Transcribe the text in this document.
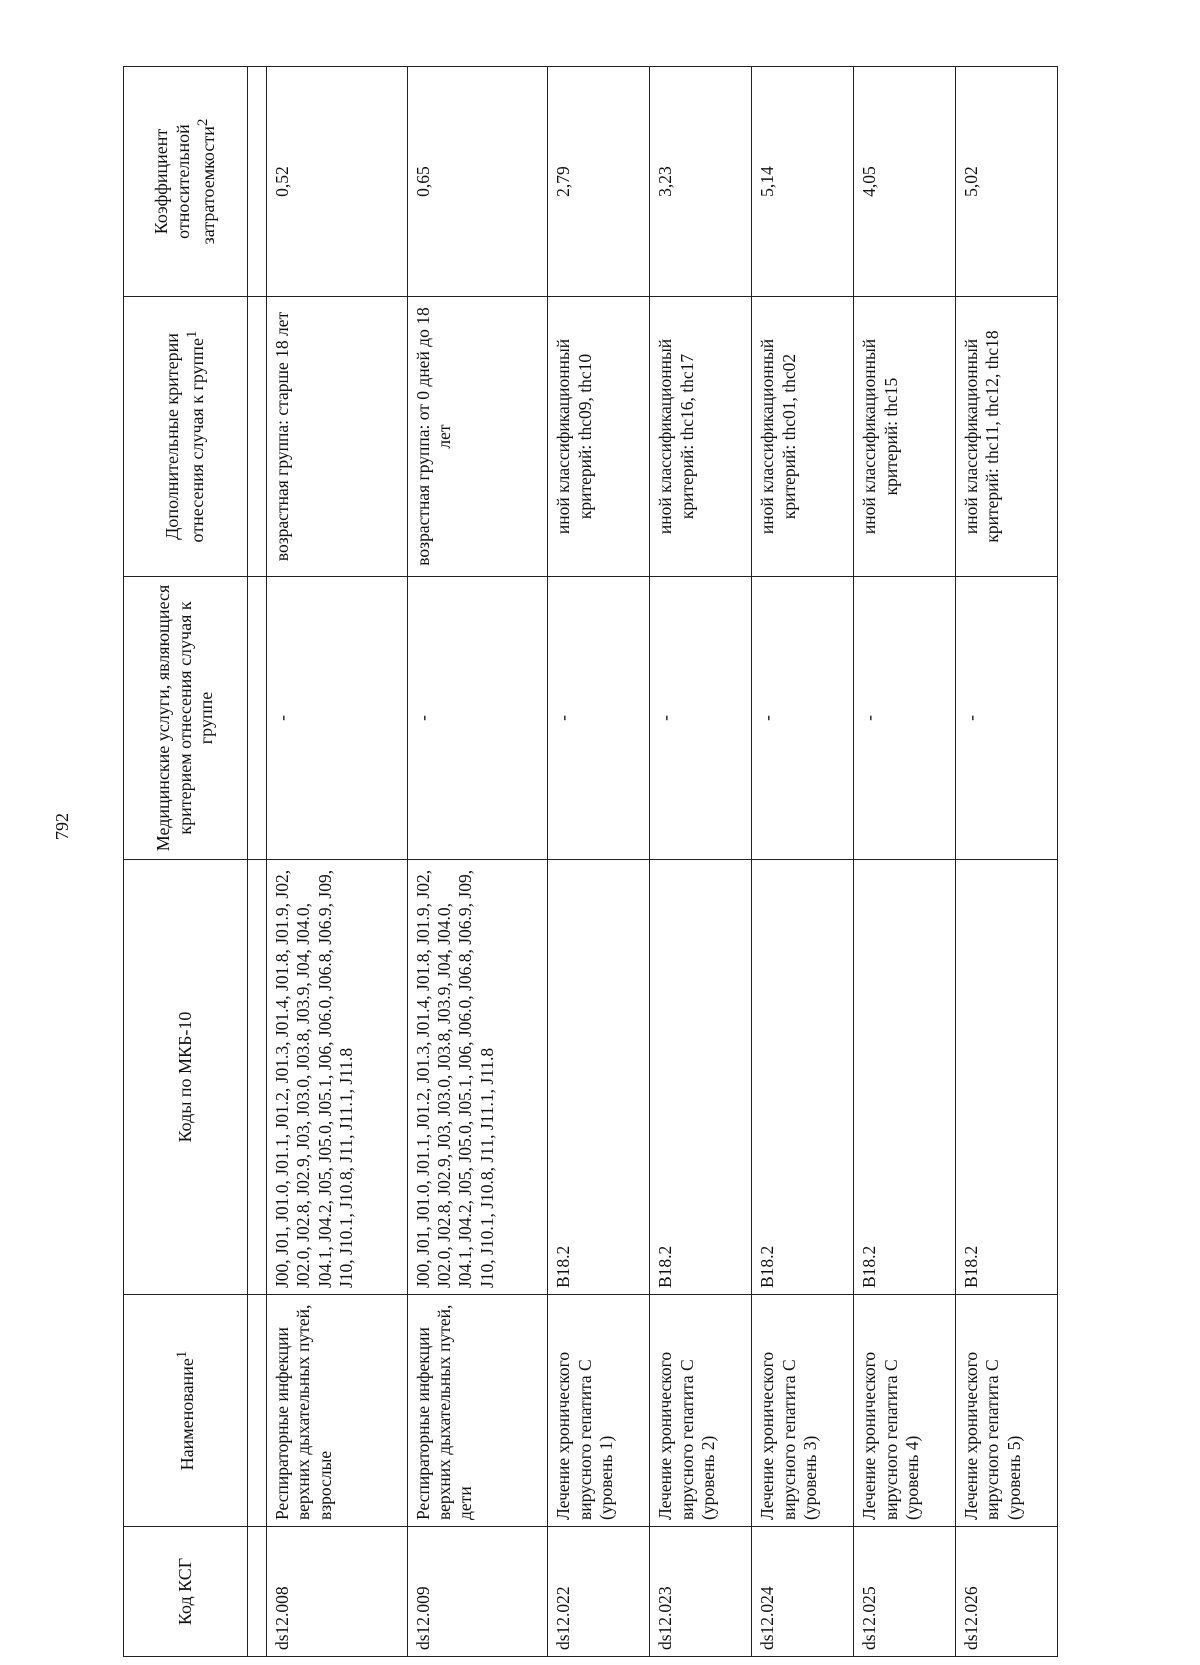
792
Код КСГ	Наименование$^1$	Коды по МКБ-10	Медицинские услуги, являющиеся критерием отнесения случая к группе	Дополнительные критерии отнесения случая к группе$^1$	Коэффициент относительной затратоемкости$^2$

ds12.008	Респираторные инфекции верхних дыхательных путей, взрослые	J00, J01, J01.0, J01.1, J01.2, J01.3, J01.4, J01.8, J01.9, J02, J02.0, J02.8, J02.9, J03, J03.0, J03.8, J03.9, J04, J04.0, J04.1, J04.2, J05, J05.0, J05.1, J06, J06.0, J06.8, J06.9, J09, J10, J10.1, J10.8, J11, J11.1, J11.8	-	возрастная группа: старше 18 лет	0,52
ds12.009	Респираторные инфекции верхних дыхательных путей, дети	J00, J01, J01.0, J01.1, J01.2, J01.3, J01.4, J01.8, J01.9, J02, J02.0, J02.8, J02.9, J03, J03.0, J03.8, J03.9, J04, J04.0, J04.1, J04.2, J05, J05.0, J05.1, J06, J06.0, J06.8, J06.9, J09, J10, J10.1, J10.8, J11, J11.1, J11.8	-	возрастная группа: от 0 дней до 18 лет	0,65
ds12.022	Лечение хронического вирусного гепатита С (уровень 1)	B18.2	-	иной классификационный критерий: thc09, thc10	2,79
ds12.023	Лечение хронического вирусного гепатита С (уровень 2)	B18.2	-	иной классификационный критерий: thc16, thc17	3,23
ds12.024	Лечение хронического вирусного гепатита С (уровень 3)	B18.2	-	иной классификационный критерий: thc01, thc02	5,14
ds12.025	Лечение хронического вирусного гепатита С (уровень 4)	B18.2	-	иной классификационный критерий: thc15	4,05
ds12.026	Лечение хронического вирусного гепатита С (уровень 5)	B18.2	-	иной классификационный критерий: thc11, thc12, thc18	5,02
